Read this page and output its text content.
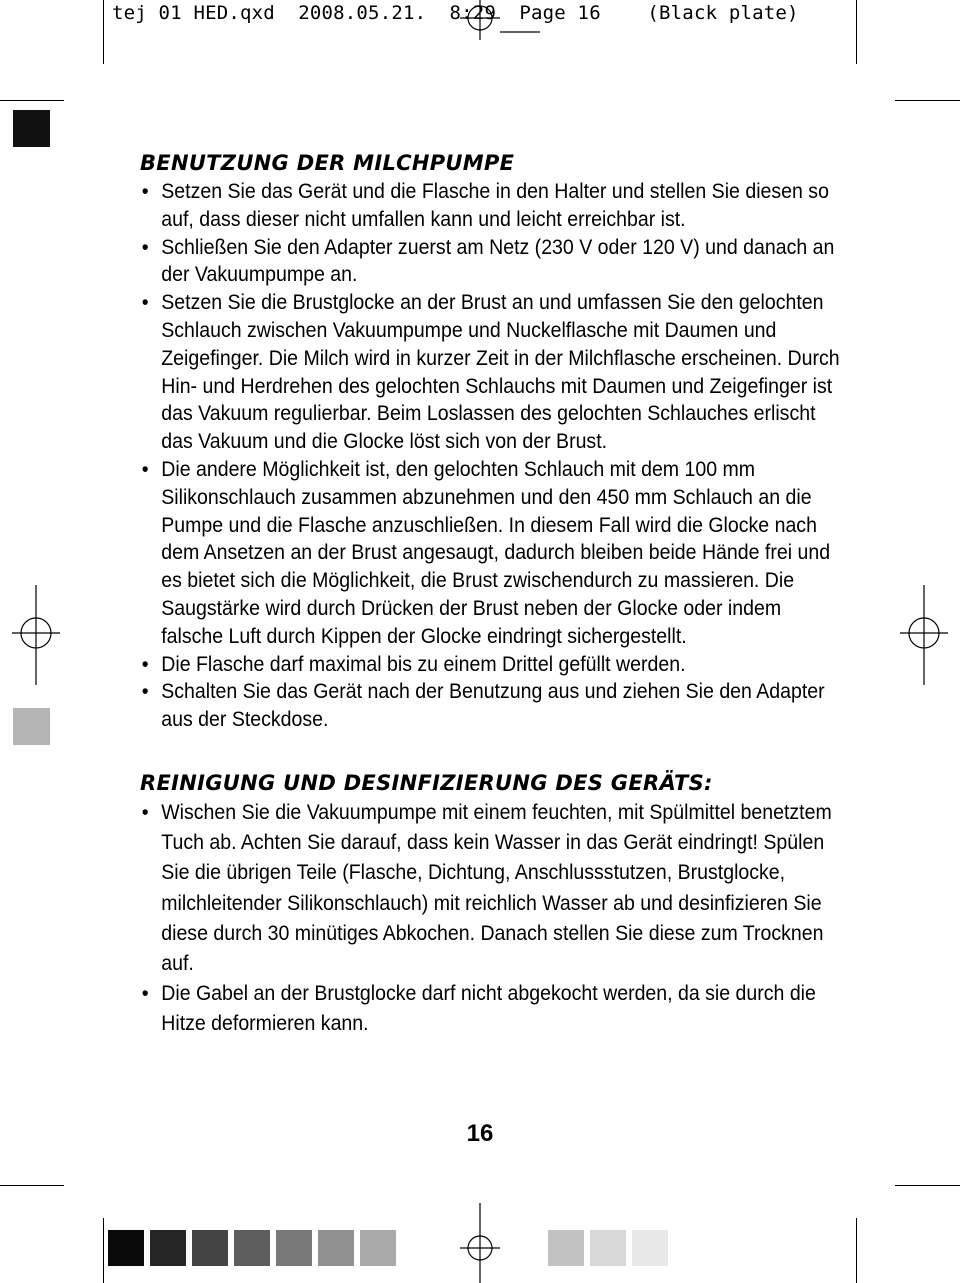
tej 01 HED.qxd  2008.05.21.  8:29  Page 16    (Black plate)
BENUTZUNG DER MILCHPUMPE
• Setzen Sie das Gerät und die Flasche in den Halter und stellen Sie diesen so auf, dass dieser nicht umfallen kann und leicht erreichbar ist.
• Schließen Sie den Adapter zuerst am Netz (230 V oder 120 V) und danach an der Vakuumpumpe an.
• Setzen Sie die Brustglocke an der Brust an und umfassen Sie den gelochten Schlauch zwischen Vakuumpumpe und Nuckelflasche mit Daumen und Zeigefinger. Die Milch wird in kurzer Zeit in der Milchflasche erscheinen. Durch Hin- und Herdrehen des gelochten Schlauchs mit Daumen und Zeigefinger ist das Vakuum regulierbar. Beim Loslassen des gelochten Schlauches erlischt das Vakuum und die Glocke löst sich von der Brust.
• Die andere Möglichkeit ist, den gelochten Schlauch mit dem 100 mm Silikonschlauch zusammen abzunehmen und den 450 mm Schlauch an die Pumpe und die Flasche anzuschließen. In diesem Fall wird die Glocke nach dem Ansetzen an der Brust angesaugt, dadurch bleiben beide Hände frei und es bietet sich die Möglichkeit, die Brust zwischendurch zu massieren. Die Saugstärke wird durch Drücken der Brust neben der Glocke oder indem falsche Luft durch Kippen der Glocke eindringt sichergestellt.
• Die Flasche darf maximal bis zu einem Drittel gefüllt werden.
• Schalten Sie das Gerät nach der Benutzung aus und ziehen Sie den Adapter aus der Steckdose.
REINIGUNG UND DESINFIZIERUNG DES GERÄTS:
• Wischen Sie die Vakuumpumpe mit einem feuchten, mit Spülmittel benetztem Tuch ab. Achten Sie darauf, dass kein Wasser in das Gerät eindringt! Spülen Sie die übrigen Teile (Flasche, Dichtung, Anschlussstutzen, Brustglocke, milchleitender Silikonschlauch) mit reichlich Wasser ab und desinfizieren Sie diese durch 30 minütiges Abkochen. Danach stellen Sie diese zum Trocknen auf.
• Die Gabel an der Brustglocke darf nicht abgekocht werden, da sie durch die Hitze deformieren kann.
16
